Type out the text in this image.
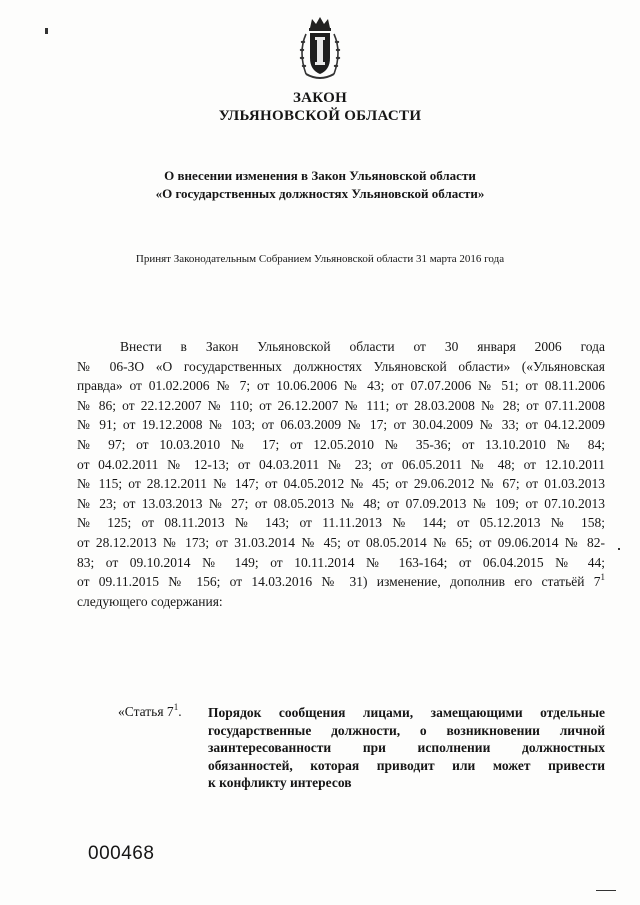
ЗАКОН
УЛЬЯНОВСКОЙ ОБЛАСТИ
О внесении изменения в Закон Ульяновской области
«О государственных должностях Ульяновской области»
Принят Законодательным Собранием Ульяновской области 31 марта 2016 года
Внести в Закон Ульяновской области от 30 января 2006 года
№ 06-ЗО «О государственных должностях Ульяновской области» («Ульяновская
правда» от 01.02.2006 № 7; от 10.06.2006 № 43; от 07.07.2006 № 51; от 08.11.2006
№ 86; от 22.12.2007 № 110; от 26.12.2007 № 111; от 28.03.2008 № 28; от 07.11.2008
№ 91; от 19.12.2008 № 103; от 06.03.2009 № 17; от 30.04.2009 № 33; от 04.12.2009
№ 97; от 10.03.2010 № 17; от 12.05.2010 № 35-36; от 13.10.2010 № 84;
от 04.02.2011 № 12-13; от 04.03.2011 № 23; от 06.05.2011 № 48; от 12.10.2011
№ 115; от 28.12.2011 № 147; от 04.05.2012 № 45; от 29.06.2012 № 67; от 01.03.2013
№ 23; от 13.03.2013 № 27; от 08.05.2013 № 48; от 07.09.2013 № 109; от 07.10.2013
№ 125; от 08.11.2013 № 143; от 11.11.2013 № 144; от 05.12.2013 № 158;
от 28.12.2013 № 173; от 31.03.2014 № 45; от 08.05.2014 № 65; от 09.06.2014 № 82-
83; от 09.10.2014 № 149; от 10.11.2014 № 163-164; от 06.04.2015 № 44;
от 09.11.2015 № 156; от 14.03.2016 № 31) изменение, дополнив его статьёй $7^1$
следующего содержания:
«Статья $7^1$. Порядок сообщения лицами, замещающими отдельные
государственные должности, о возникновении личной
заинтересованности при исполнении должностных
обязанностей, которая приводит или может привести
к конфликту интересов
000468
